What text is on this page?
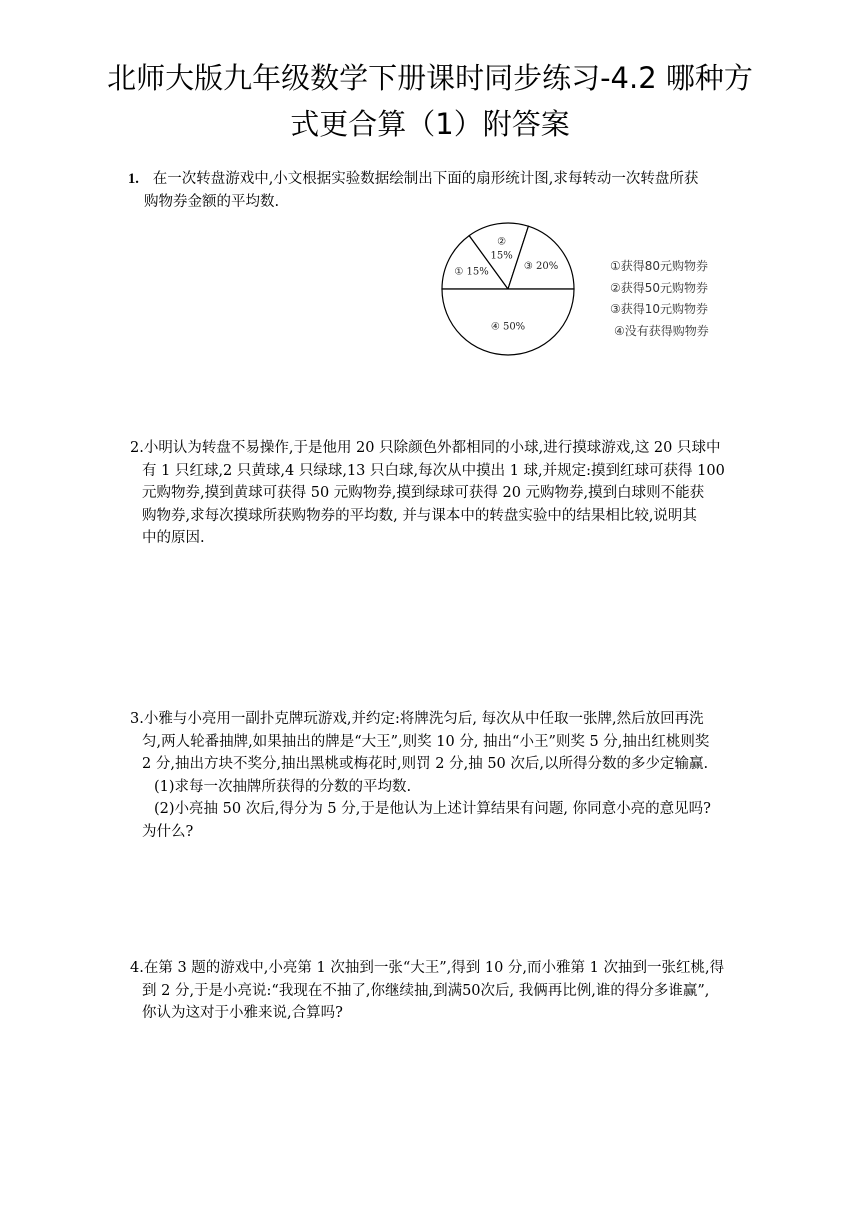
北师大版九年级数学下册课时同步练习-4.2 哪种方
式更合算（1）附答案

1. 在一次转盘游戏中,小文根据实验数据绘制出下面的扇形统计图,求每转动一次转盘所获

购物券金额的平均数.

① 15%
② 15%
③ 20%
④ 50%
①获得80元购物券
②获得50元购物券
③获得10元购物券
④没有获得购物券

2.小明认为转盘不易操作,于是他用 20 只除颜色外都相同的小球,进行摸球游戏,这 20 只球中

有 1 只红球,2 只黄球,4 只绿球,13 只白球,每次从中摸出 1 球,并规定:摸到红球可获得 100

元购物券,摸到黄球可获得 50 元购物券,摸到绿球可获得 20 元购物券,摸到白球则不能获

购物券,求每次摸球所获购物券的平均数, 并与课本中的转盘实验中的结果相比较,说明其

中的原因.

3.小雅与小亮用一副扑克牌玩游戏,并约定:将牌洗匀后, 每次从中任取一张牌,然后放回再洗

匀,两人轮番抽牌,如果抽出的牌是“大王”,则奖 10 分, 抽出“小王”则奖 5 分,抽出红桃则奖

2 分,抽出方块不奖分,抽出黑桃或梅花时,则罚 2 分,抽 50 次后,以所得分数的多少定输赢.

(1)求每一次抽牌所获得的分数的平均数.

(2)小亮抽 50 次后,得分为 5 分,于是他认为上述计算结果有问题, 你同意小亮的意见吗?

为什么?

4.在第 3 题的游戏中,小亮第 1 次抽到一张“大王”,得到 10 分,而小雅第 1 次抽到一张红桃,得

到 2 分,于是小亮说:“我现在不抽了,你继续抽,到满50次后, 我俩再比例,谁的得分多谁赢”,

你认为这对于小雅来说,合算吗?
